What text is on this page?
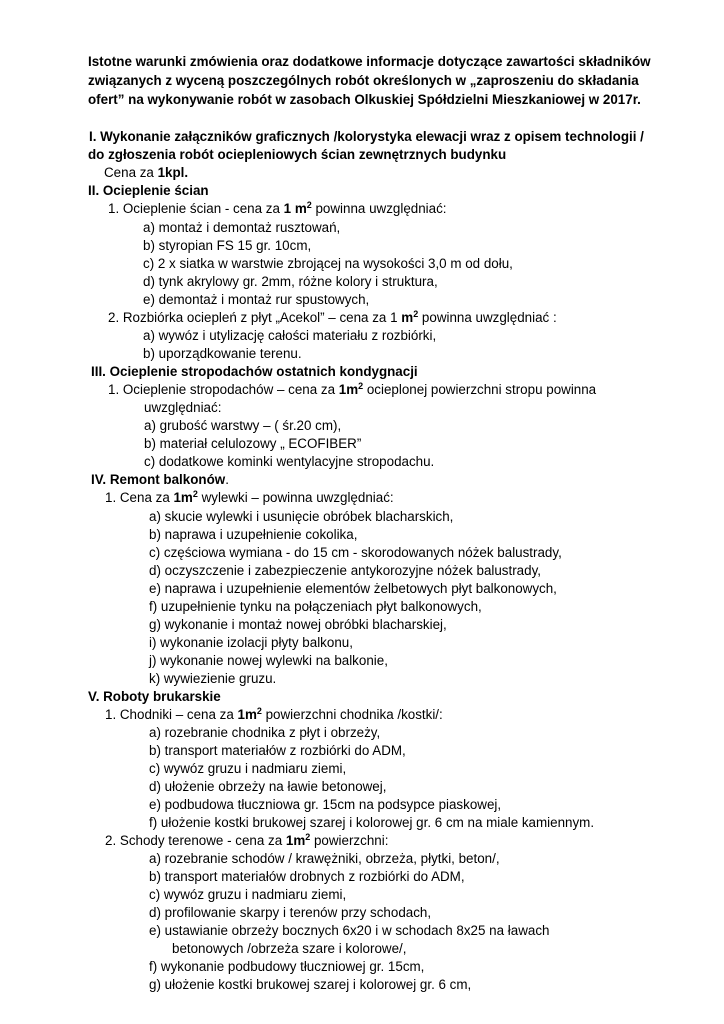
Istotne warunki zmówienia oraz dodatkowe informacje dotyczące zawartości składników
związanych z wyceną poszczególnych robót określonych w „zaproszeniu do składania
ofert” na wykonywanie robót w zasobach Olkuskiej Spółdzielni Mieszkaniowej w 2017r.
I. Wykonanie załączników graficznych /kolorystyka elewacji wraz z opisem technologii /
do zgłoszenia robót ociepleniowych ścian zewnętrznych budynku
Cena za 1kpl.
II. Ocieplenie ścian
1. Ocieplenie ścian - cena za 1 $m^2$ powinna uwzględniać:
a) montaż i demontaż rusztowań,
b) styropian FS 15 gr. 10cm,
c) 2 x siatka w warstwie zbrojącej na wysokości 3,0 m od dołu,
d) tynk akrylowy gr. 2mm, różne kolory i struktura,
e) demontaż i montaż rur spustowych,
2. Rozbiórka ociepleń z płyt „Acekol” – cena za 1 $m^2$ powinna uwzględniać :
a) wywóz i utylizację całości materiału z rozbiórki,
b) uporządkowanie terenu.
III. Ocieplenie stropodachów ostatnich kondygnacji
1. Ocieplenie stropodachów – cena za $1m^2$ ocieplonej powierzchni stropu powinna
uwzględniać:
a) grubość warstwy – ( śr.20 cm),
b) materiał celulozowy „ ECOFIBER”
c) dodatkowe kominki wentylacyjne stropodachu.
IV. Remont balkonów.
1. Cena za $1m^2$ wylewki – powinna uwzględniać:
a) skucie wylewki i usunięcie obróbek blacharskich,
b) naprawa i uzupełnienie cokolika,
c) częściowa wymiana - do 15 cm - skorodowanych nóżek balustrady,
d) oczyszczenie i zabezpieczenie antykorozyjne nóżek balustrady,
e) naprawa i uzupełnienie elementów żelbetowych płyt balkonowych,
f) uzupełnienie tynku na połączeniach płyt balkonowych,
g) wykonanie i montaż nowej obróbki blacharskiej,
i) wykonanie izolacji płyty balkonu,
j) wykonanie nowej wylewki na balkonie,
k) wywiezienie gruzu.
V. Roboty brukarskie
1. Chodniki – cena za $1m^2$ powierzchni chodnika /kostki/:
a) rozebranie chodnika z płyt i obrzeży,
b) transport materiałów z rozbiórki do ADM,
c) wywóz gruzu i nadmiaru ziemi,
d) ułożenie obrzeży na ławie betonowej,
e) podbudowa tłuczniowa gr. 15cm na podsypce piaskowej,
f) ułożenie kostki brukowej szarej i kolorowej gr. 6 cm na miale kamiennym.
2. Schody terenowe - cena za $1m^2$ powierzchni:
a) rozebranie schodów / krawężniki, obrzeża, płytki, beton/,
b) transport materiałów drobnych z rozbiórki do ADM,
c) wywóz gruzu i nadmiaru ziemi,
d) profilowanie skarpy i terenów przy schodach,
e) ustawianie obrzeży bocznych 6x20 i w schodach 8x25 na ławach
betonowych /obrzeża szare i kolorowe/,
f) wykonanie podbudowy tłuczniowej gr. 15cm,
g) ułożenie kostki brukowej szarej i kolorowej gr. 6 cm,
